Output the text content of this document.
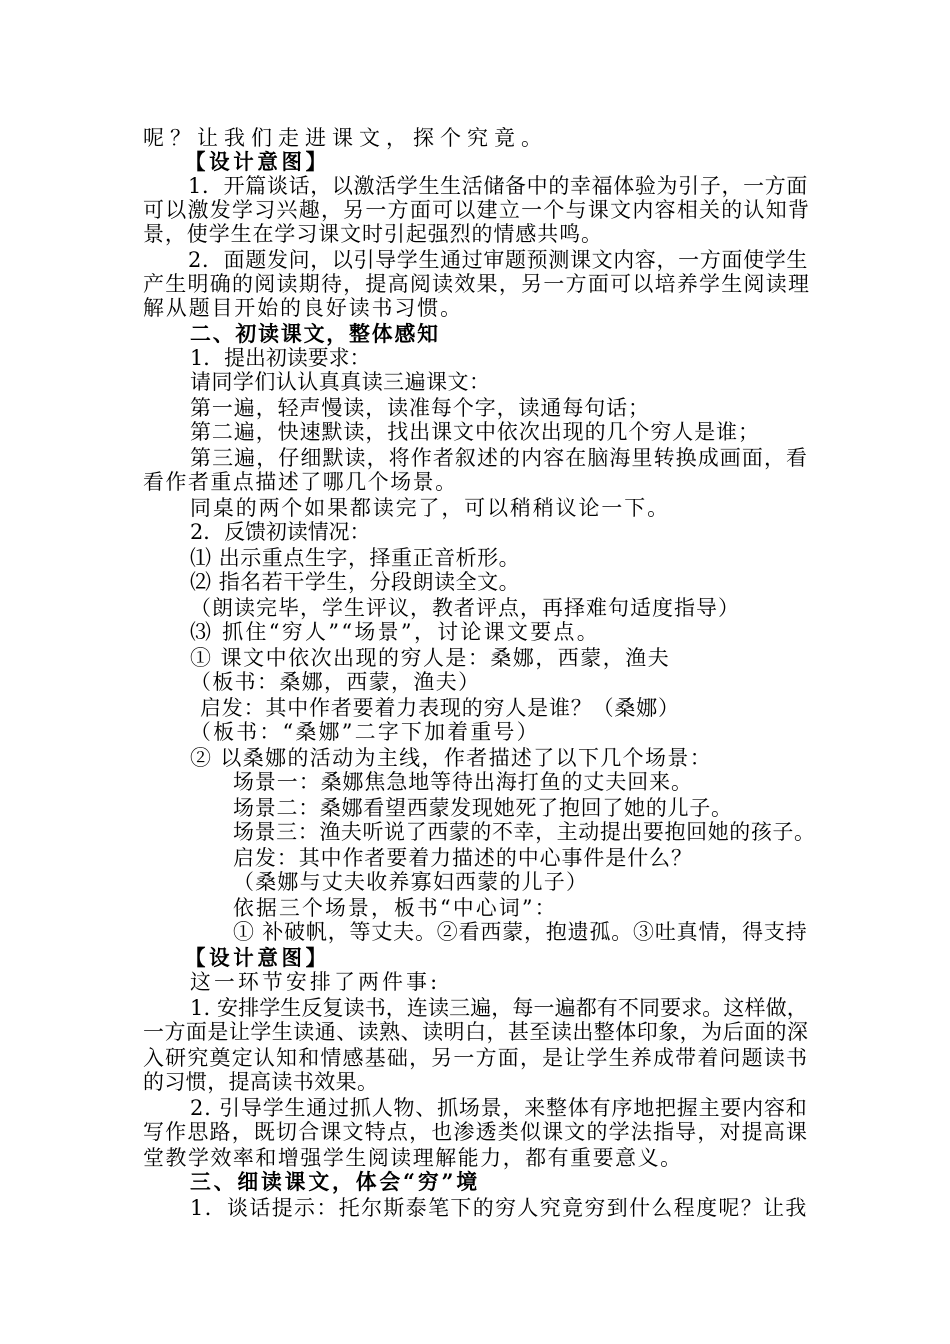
呢？让我们走进课文，探个究竟。
【设计意图】
1．开篇谈话，以激活学生生活储备中的幸福体验为引子，一方面
可以激发学习兴趣，另一方面可以建立一个与课文内容相关的认知背
景，使学生在学习课文时引起强烈的情感共鸣。
2．面题发问，以引导学生通过审题预测课文内容，一方面使学生
产生明确的阅读期待，提高阅读效果，另一方面可以培养学生阅读理
解从题目开始的良好读书习惯。
二、初读课文，整体感知
1．提出初读要求：
请同学们认认真真读三遍课文：
第一遍，轻声慢读，读准每个字，读通每句话；
第二遍，快速默读，找出课文中依次出现的几个穷人是谁；
第三遍，仔细默读，将作者叙述的内容在脑海里转换成画面，看
看作者重点描述了哪几个场景。
同桌的两个如果都读完了，可以稍稍议论一下。
2．反馈初读情况：
⑴ 出示重点生字，择重正音析形。
⑵ 指名若干学生，分段朗读全文。
（朗读完毕，学生评议，教者评点，再择难句适度指导）
⑶ 抓住“穷人”“场景”，讨论课文要点。
① 课文中依次出现的穷人是：桑娜，西蒙，渔夫
（板书：桑娜，西蒙，渔夫）
启发：其中作者要着力表现的穷人是谁？（桑娜）
（板书：“桑娜”二字下加着重号）
② 以桑娜的活动为主线，作者描述了以下几个场景：
场景一：桑娜焦急地等待出海打鱼的丈夫回来。
场景二：桑娜看望西蒙发现她死了抱回了她的儿子。
场景三：渔夫听说了西蒙的不幸，主动提出要抱回她的孩子。
启发：其中作者要着力描述的中心事件是什么？
（桑娜与丈夫收养寡妇西蒙的儿子）
依据三个场景，板书“中心词”：
① 补破帆，等丈夫。②看西蒙，抱遗孤。③吐真情，得支持
【设计意图】
这一环节安排了两件事:
1. 安排学生反复读书，连读三遍，每一遍都有不同要求。这样做，
一方面是让学生读通、读熟、读明白，甚至读出整体印象，为后面的深
入研究奠定认知和情感基础，另一方面，是让学生养成带着问题读书
的习惯，提高读书效果。
2. 引导学生通过抓人物、抓场景，来整体有序地把握主要内容和
写作思路，既切合课文特点，也渗透类似课文的学法指导，对提高课
堂教学效率和增强学生阅读理解能力，都有重要意义。
三、细读课文，体会“穷”境
1．谈话提示：托尔斯泰笔下的穷人究竟穷到什么程度呢？让我
